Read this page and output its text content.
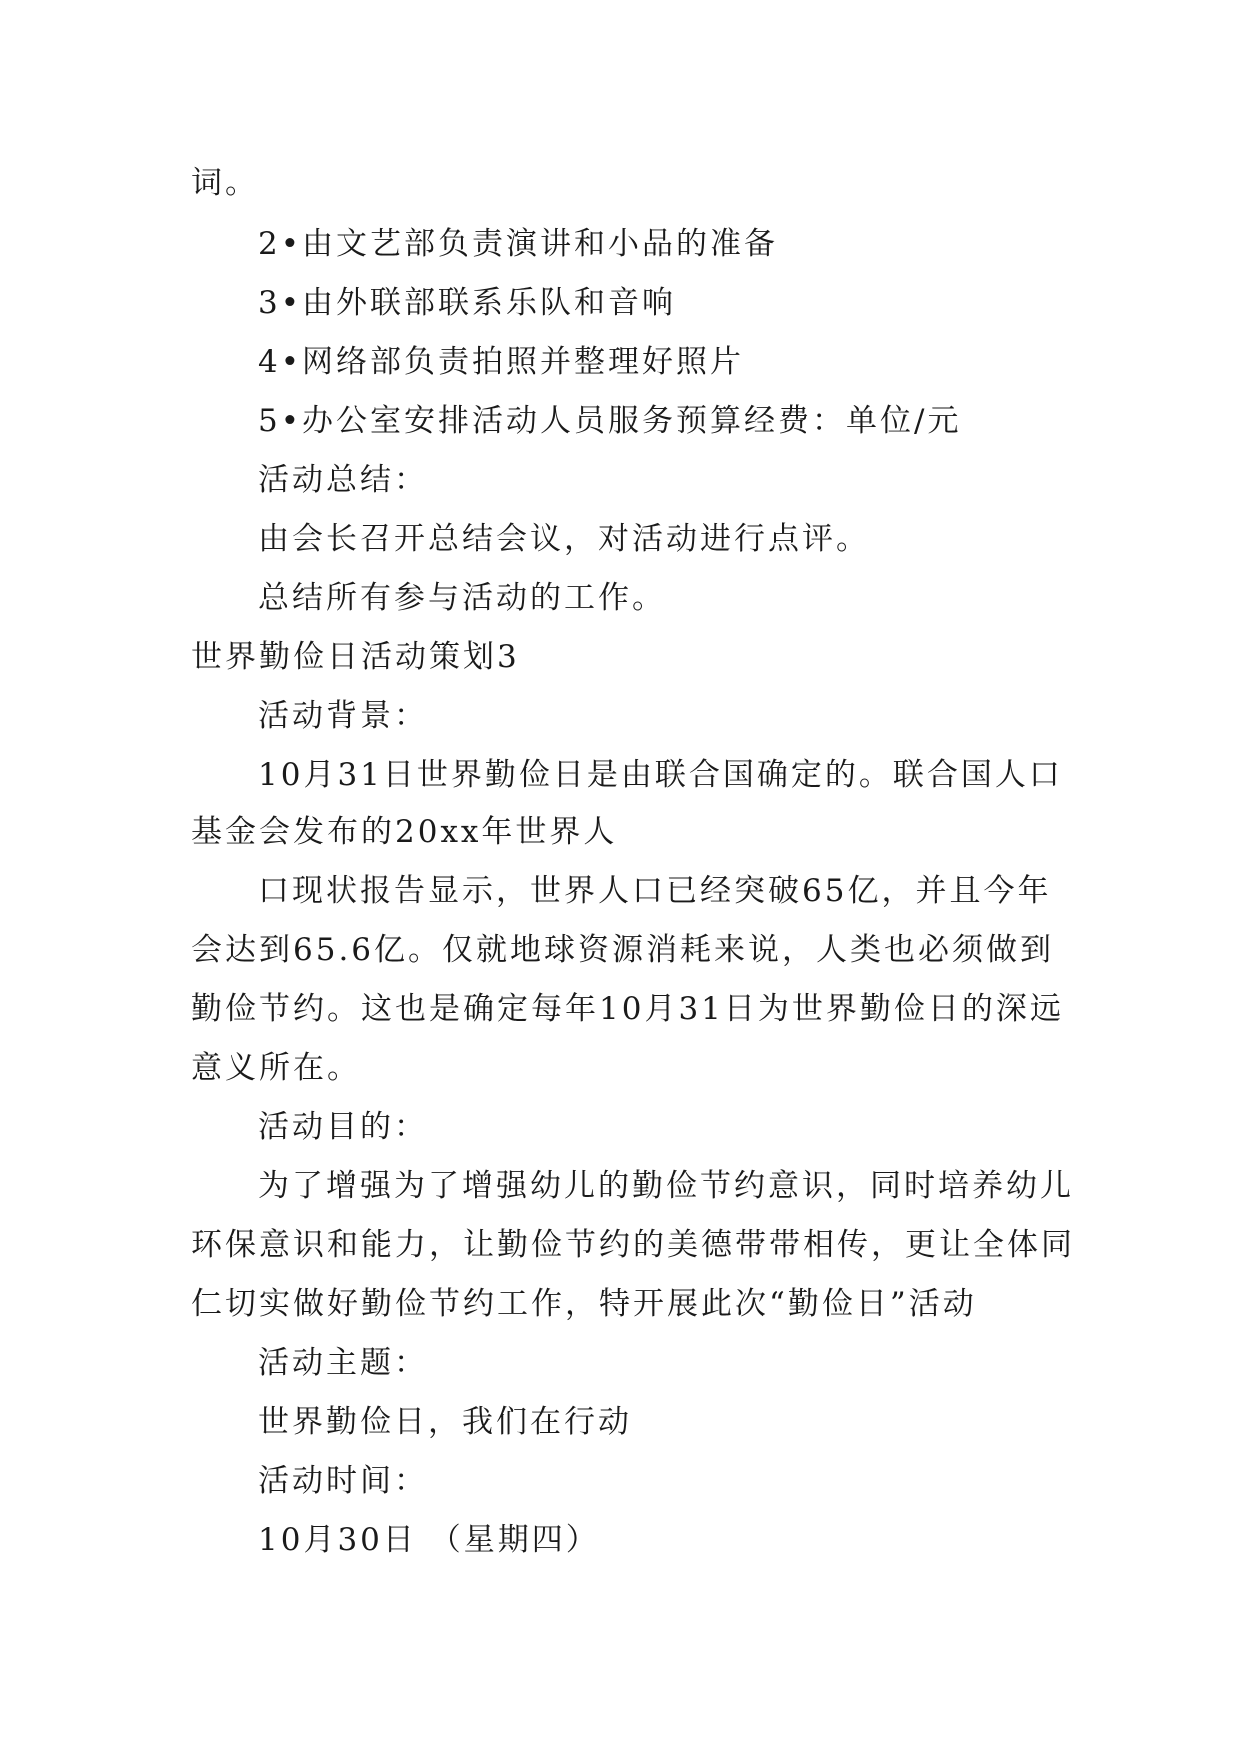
词。
2•由文艺部负责演讲和小品的准备
3•由外联部联系乐队和音响
4•网络部负责拍照并整理好照片
5•办公室安排活动人员服务预算经费：单位/元
活动总结：
由会长召开总结会议，对活动进行点评。
总结所有参与活动的工作。
世界勤俭日活动策划3
活动背景：
10月31日世界勤俭日是由联合国确定的。联合国人口
基金会发布的20xx年世界人
口现状报告显示，世界人口已经突破65亿，并且今年
会达到65.6亿。仅就地球资源消耗来说，人类也必须做到
勤俭节约。这也是确定每年10月31日为世界勤俭日的深远
意义所在。
活动目的：
为了增强为了增强幼儿的勤俭节约意识，同时培养幼儿
环保意识和能力，让勤俭节约的美德带带相传，更让全体同
仁切实做好勤俭节约工作，特开展此次“勤俭日”活动
活动主题：
世界勤俭日，我们在行动
活动时间：
10月30日 （星期四）
